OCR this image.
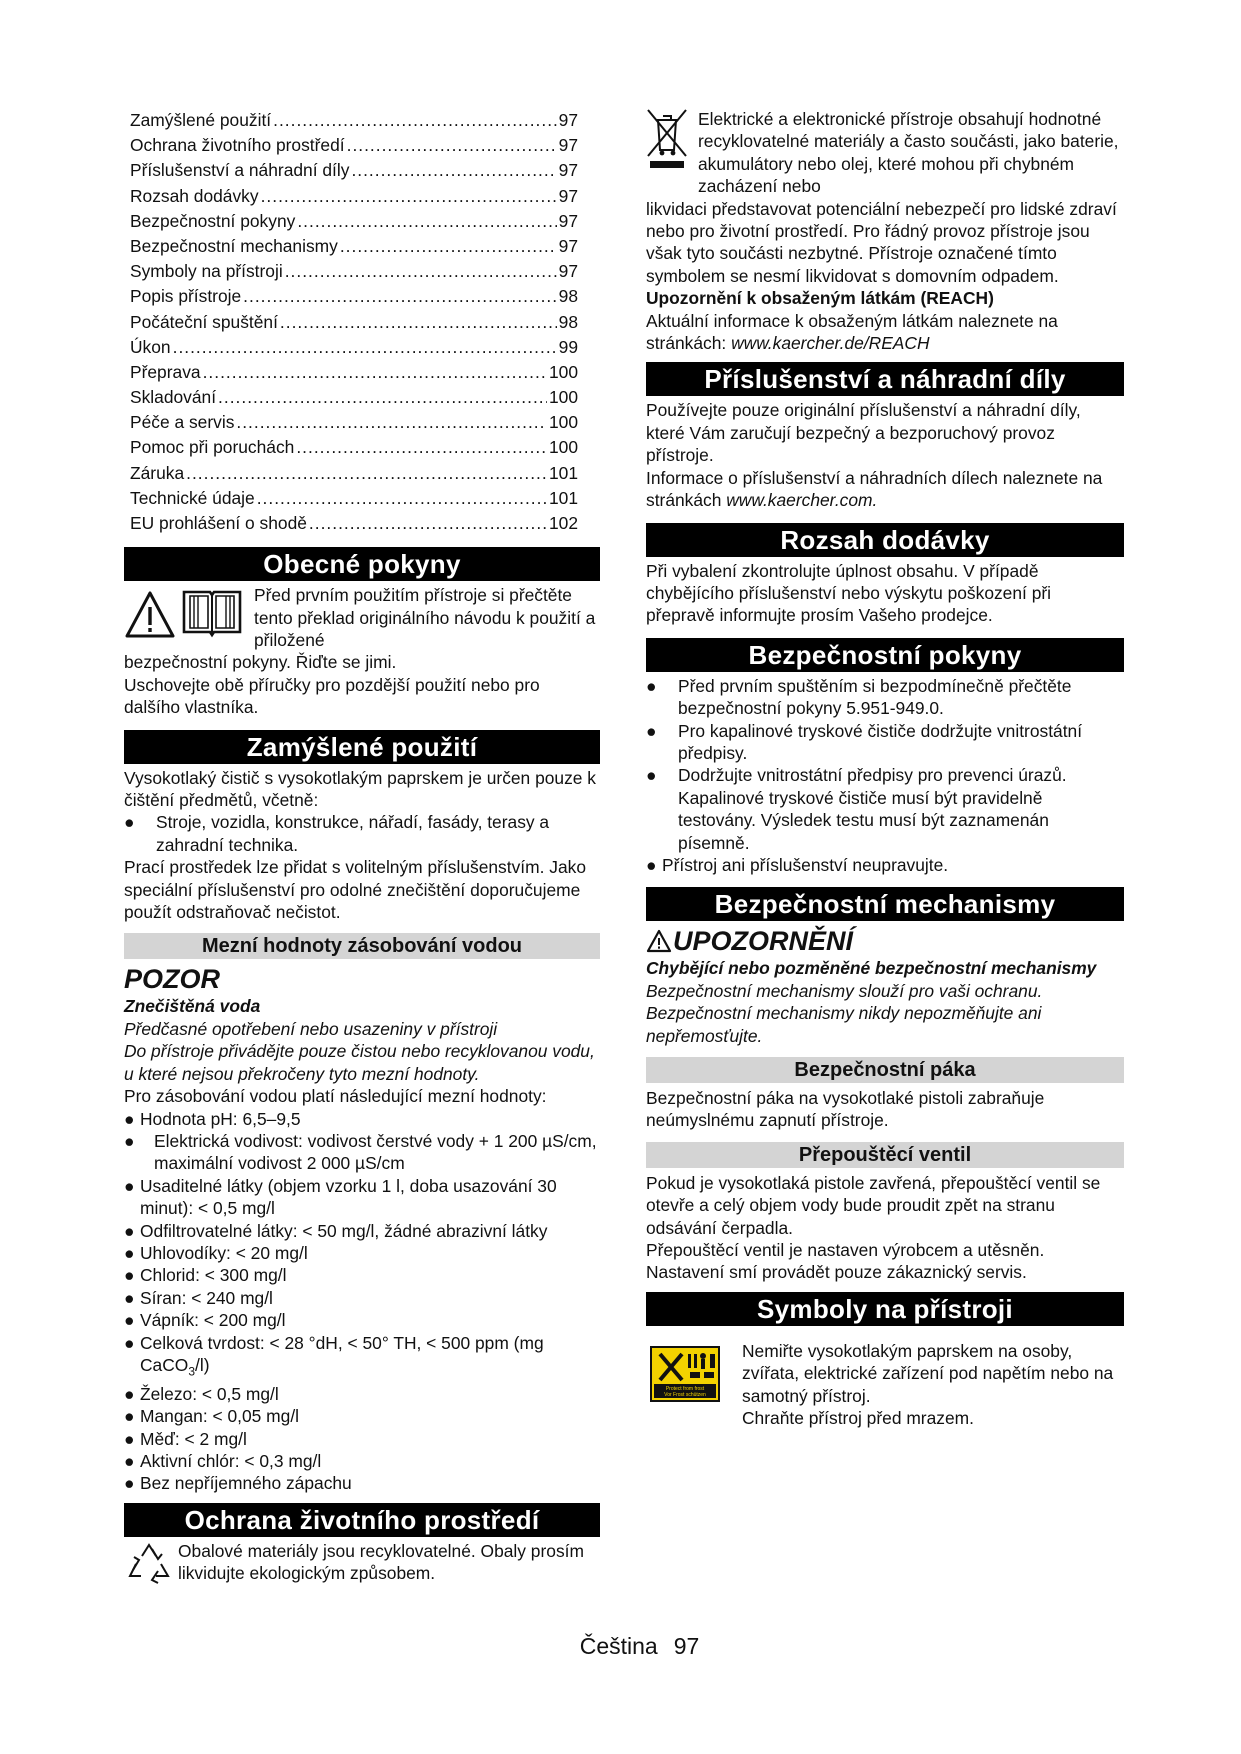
Zamýšlené použití .....	97
Ochrana životního prostředí .....	97
Příslušenství a náhradní díly .....	97
Rozsah dodávky .....	97
Bezpečnostní pokyny .....	97
Bezpečnostní mechanismy .....	97
Symboly na přístroji .....	97
Popis přístroje .....	98
Počáteční spuštění .....	98
Úkon .....	99
Přeprava .....	100
Skladování .....	100
Péče a servis .....	100
Pomoc při poruchách .....	100
Záruka .....	101
Technické údaje .....	101
EU prohlášení o shodě .....	102
Obecné pokyny

Před prvním použitím přístroje si přečtěte tento překlad originálního návodu k použití a přiložené

bezpečnostní pokyny. Řiďte se jimi.

Uschovejte obě příručky pro pozdější použití nebo pro dalšího vlastníka.

Zamýšlené použití

Vysokotlaký čistič s vysokotlakým paprskem je určen pouze k čištění předmětů, včetně:

●	Stroje, vozidla, konstrukce, nářadí, fasády, terasy a zahradní technika.

Prací prostředek lze přidat s volitelným příslušenstvím. Jako speciální příslušenství pro odolné znečištění doporučujeme použít odstraňovač nečistot.

Mezní hodnoty zásobování vodou
POZOR

Znečištěná voda

Předčasné opotřebení nebo usazeniny v přístroji

Do přístroje přivádějte pouze čistou nebo recyklovanou vodu, u které nejsou překročeny tyto mezní hodnoty.

Pro zásobování vodou platí následující mezní hodnoty:

● Hodnota pH: 6,5–9,5
●	Elektrická vodivost: vodivost čerstvé vody + 1 200 µS/cm, maximální vodivost 2 000 µS/cm
● Usaditelné látky (objem vzorku 1 l, doba usazování 30 minut): < 0,5 mg/l
● Odfiltrovatelné látky: < 50 mg/l, žádné abrazivní látky
● Uhlovodíky: < 20 mg/l
● Chlorid: < 300 mg/l
● Síran: < 240 mg/l
● Vápník: < 200 mg/l
● Celková tvrdost: < 28 °dH, < 50° TH, < 500 ppm (mg CaCO$_3$/l)
● Železo: < 0,5 mg/l
● Mangan: < 0,05 mg/l
● Měď: < 2 mg/l
● Aktivní chlór: < 0,3 mg/l
● Bez nepříjemného zápachu
Ochrana životního prostředí

Obalové materiály jsou recyklovatelné. Obaly prosím likvidujte ekologickým způsobem.

Elektrické a elektronické přístroje obsahují hodnotné recyklovatelné materiály a často součásti, jako baterie, akumulátory nebo olej, které mohou při chybném zacházení nebo

likvidaci představovat potenciální nebezpečí pro lidské zdraví nebo pro životní prostředí. Pro řádný provoz přístroje jsou však tyto součásti nezbytné. Přístroje označené tímto symbolem se nesmí likvidovat s domovním odpadem.

Upozornění k obsaženým látkám (REACH)

Aktuální informace k obsaženým látkám naleznete na stránkách: www.kaercher.de/REACH

Příslušenství a náhradní díly

Používejte pouze originální příslušenství a náhradní díly, které Vám zaručují bezpečný a bezporuchový provoz přístroje.

Informace o příslušenství a náhradních dílech naleznete na stránkách www.kaercher.com.

Rozsah dodávky

Při vybalení zkontrolujte úplnost obsahu. V případě chybějícího příslušenství nebo výskytu poškození při přepravě informujte prosím Vašeho prodejce.

Bezpečnostní pokyny
●	Před prvním spuštěním si bezpodmínečně přečtěte bezpečnostní pokyny 5.951-949.0.
●	Pro kapalinové tryskové čističe dodržujte vnitrostátní předpisy.
●	Dodržujte vnitrostátní předpisy pro prevenci úrazů. Kapalinové tryskové čističe musí být pravidelně testovány. Výsledek testu musí být zaznamenán písemně.
● Přístroj ani příslušenství neupravujte.
Bezpečnostní mechanismy
UPOZORNĚNÍ

Chybějící nebo pozměněné bezpečnostní mechanismy

Bezpečnostní mechanismy slouží pro vaši ochranu.

Bezpečnostní mechanismy nikdy nepozměňujte ani nepřemosťujte.

Bezpečnostní páka

Bezpečnostní páka na vysokotlaké pistoli zabraňuje neúmyslnému zapnutí přístroje.

Přepouštěcí ventil

Pokud je vysokotlaká pistole zavřená, přepouštěcí ventil se otevře a celý objem vody bude proudit zpět na stranu odsávání čerpadla.

Přepouštěcí ventil je nastaven výrobcem a utěsněn. Nastavení smí provádět pouze zákaznický servis.

Symboly na přístroji
Protect from frost
Vor Frost schützen

Nemiřte vysokotlakým paprskem na osoby, zvířata, elektrické zařízení pod napětím nebo na samotný přístroj.

Chraňte přístroj před mrazem.

Čeština 97
